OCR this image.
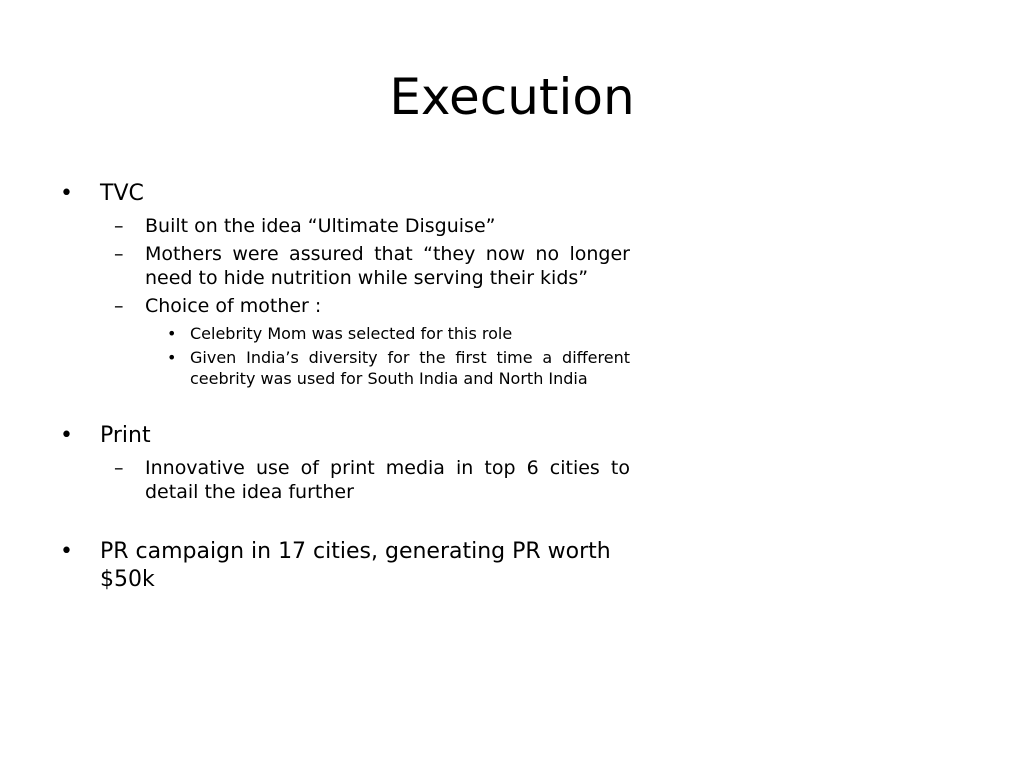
Execution
• TVC
– Built on the idea “Ultimate Disguise”
– Mothers were assured that “they now no longer need to hide nutrition while serving their kids”
– Choice of mother :
• Celebrity Mom was selected for this role
• Given India’s diversity for the first time a different ceebrity was used for South India and North India
• Print
– Innovative use of print media in top 6 cities to detail the idea further
• PR campaign in 17 cities, generating PR worth $50k
